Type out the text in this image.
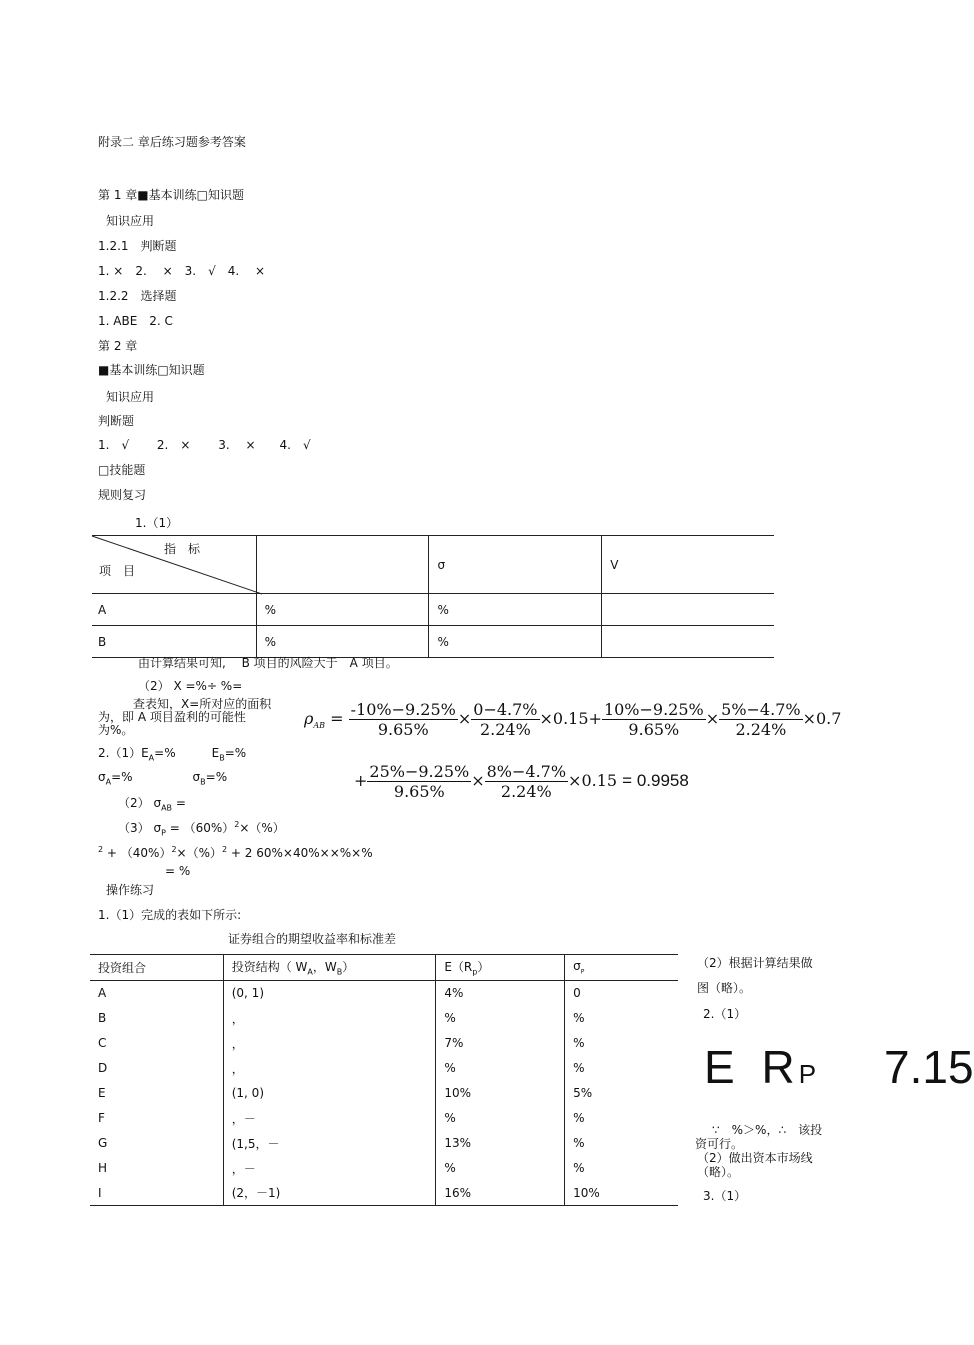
附录二 章后练习题参考答案
第 1 章■基本训练□知识题
知识应用
1.2.1　判断题
1. ×　2.　 ×　3.　√　4.　 ×
1.2.2　选择题
1. ABE　2. C
第 2 章
■基本训练□知识题
知识应用
判断题
1.　√　　 2.　×　　 3.　 ×　　4.　√
□技能题
规则复习
1.（1）
指　标
项　目		σ	V
A	%	%	
B	%	%	
由计算结果可知,　 B 项目的风险大于　A 项目。
（2） X =%÷ %=
查表知，X=所对应的面积
为，即 A 项目盈利的可能性
为%。
$\rho_{AB} = \frac{-10\%-9.25\%}{9.65\%} \times \frac{0-4.7\%}{2.24\%} \times 0.15+ \frac{10\%-9.25\%}{9.65\%} \times \frac{5\%-4.7\%}{2.24\%} \times 0.7$
+ $\frac{25\%-9.25\%}{9.65\%} \times \frac{8\%-4.7\%}{2.24\%} \times 0.15 = 0.9958$
$2.(1)E_A=\%$　　　$E_B=\%$
$\sigma_A=\%$　　　　　$\sigma_B=\%$
（2） $\sigma_{AB}$ =
（3） $\sigma_P = (60\%)^2\times(\%)$
$^2 + (40\%)^2\times(\%)^2 + 2$ 60%×40%××%×%
= %
操作练习
1.（1）完成的表如下所示:
证券组合的期望收益率和标准差
投资组合	投资结构（ $W_A$，$W_B$）	$E(R_p)$	$\sigma_P$
A	(0, 1)	4%	0
B	，	%	%
C	，	7%	%
D	，	%	%
E	(1, 0)	10%	5%
F	，－	%	%
G	(1,5，－	13%	%
H	，－	%	%
I	(2，－1)	16%	10%
（2）根据计算结果做
图（略）。
2.（1）
E R P 7.15
∵　%＞%，∴　该投
资可行。
（2）做出资本市场线
（略）。
3.（1）
